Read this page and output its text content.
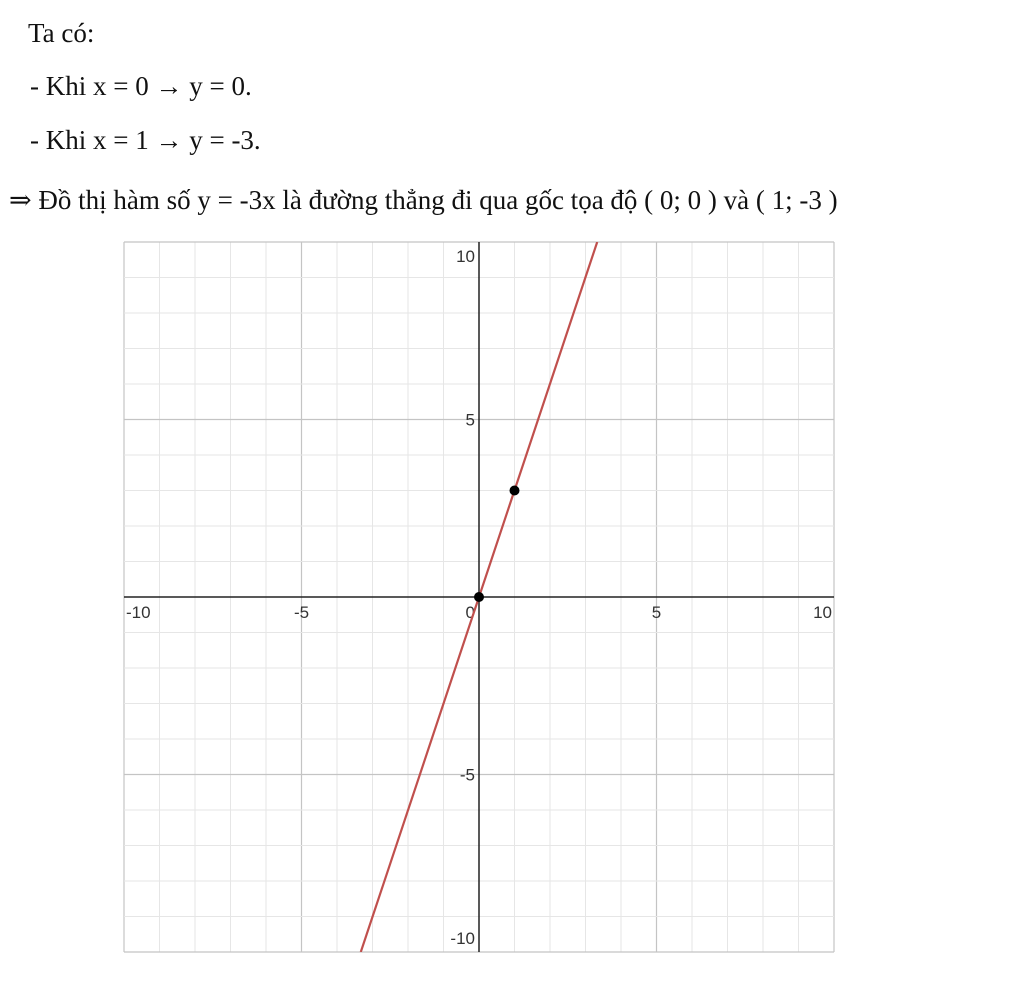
Ta có:
- Khi x = 0 → y = 0.
- Khi x = 1 → y = -3.
⇒ Đồ thị hàm số y = -3x là đường thẳng đi qua gốc tọa độ ( 0; 0 ) và ( 1; -3 )
-10	-5	0	5	10
10
5
-5
-10
